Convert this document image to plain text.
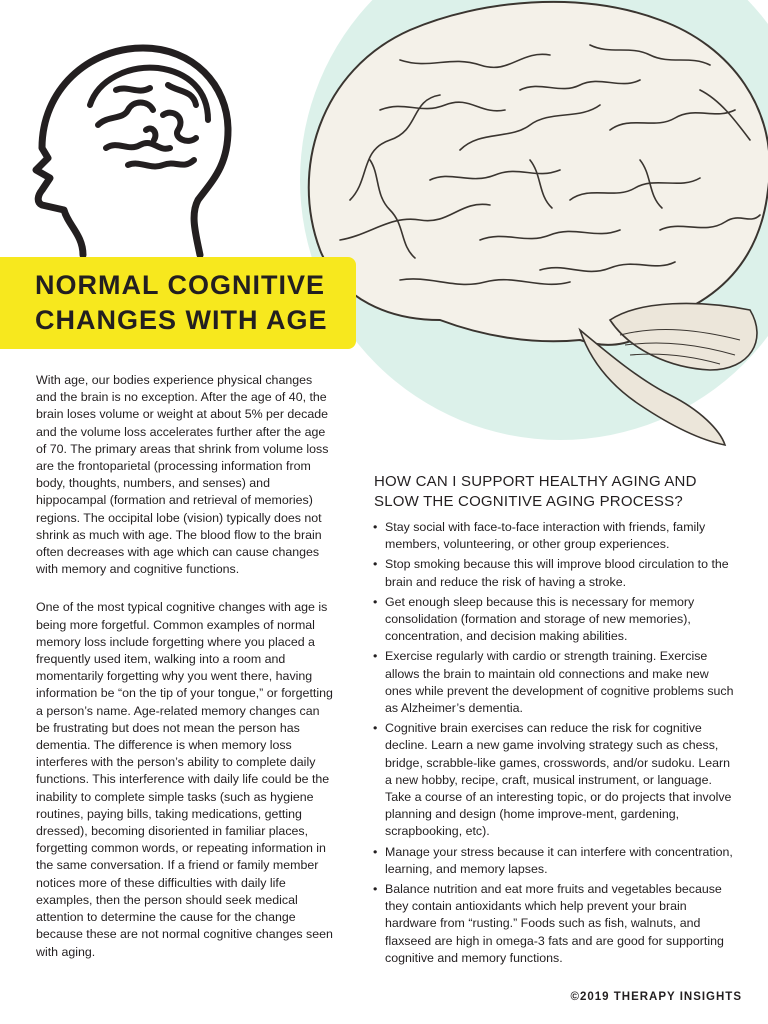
NORMAL COGNITIVE
CHANGES WITH AGE

With age, our bodies experience physical changes and the brain is no exception. After the age of 40, the brain loses volume or weight at about 5% per decade and the volume loss accelerates further after the age of 70. The primary areas that shrink from volume loss are the frontoparietal (processing information from body, thoughts, numbers, and senses) and hippocampal (formation and retrieval of memories) regions. The occipital lobe (vision) typically does not shrink as much with age. The blood flow to the brain often decreases with age which can cause changes with memory and cognitive functions.

One of the most typical cognitive changes with age is being more forgetful. Common examples of normal memory loss include forgetting where you placed a frequently used item, walking into a room and momentarily forgetting why you went there, having information be “on the tip of your tongue,” or forgetting a person’s name. Age-related memory changes can be frustrating but does not mean the person has dementia. The difference is when memory loss interferes with the person’s ability to complete daily functions. This interference with daily life could be the inability to complete simple tasks (such as hygiene routines, paying bills, taking medications, getting dressed), becoming disoriented in familiar places, forgetting common words, or repeating information in the same conversation. If a friend or family member notices more of these difficulties with daily life examples, then the person should seek medical attention to determine the cause for the change because these are not normal cognitive changes seen with aging.

HOW CAN I SUPPORT HEALTHY AGING AND
SLOW THE COGNITIVE AGING PROCESS?
• Stay social with face-to-face interaction with friends, family members, volunteering, or other group experiences.
• Stop smoking because this will improve blood circulation to the brain and reduce the risk of having a stroke.
• Get enough sleep because this is necessary for memory consolidation (formation and storage of new memories), concentration, and decision making abilities.
• Exercise regularly with cardio or strength training. Exercise allows the brain to maintain old connections and make new ones while prevent the development of cognitive problems such as Alzheimer’s dementia.
• Cognitive brain exercises can reduce the risk for cognitive decline. Learn a new game involving strategy such as chess, bridge, scrabble-like games, crosswords, and/or sudoku. Learn a new hobby, recipe, craft, musical instrument, or language. Take a course of an interesting topic, or do projects that involve planning and design (home improve-ment, gardening, scrapbooking, etc).
• Manage your stress because it can interfere with concentration, learning, and memory lapses.
• Balance nutrition and eat more fruits and vegetables because they contain antioxidants which help prevent your brain hardware from “rusting.” Foods such as fish, walnuts, and flaxseed are high in omega-3 fats and are good for supporting cognitive and memory functions.
©2019 THERAPY INSIGHTS
